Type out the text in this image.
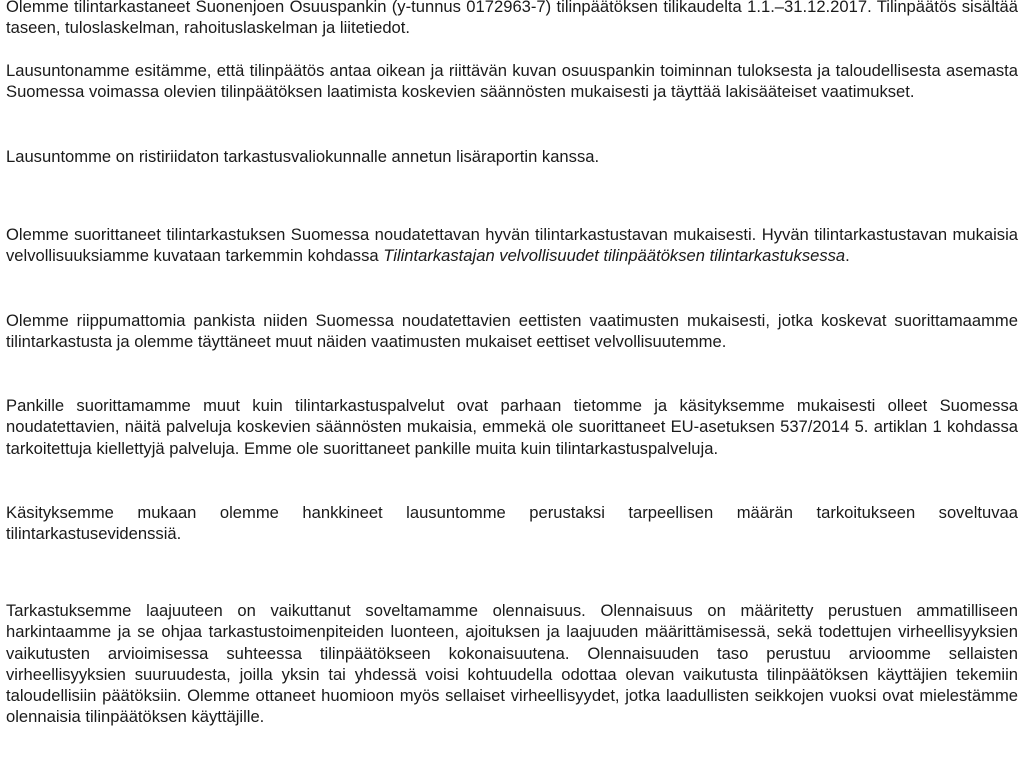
Olemme tilintarkastaneet Suonenjoen Osuuspankin (y-tunnus 0172963-7) tilinpäätöksen tilikaudelta 1.1.–31.12.2017. Tilinpäätös sisältää taseen, tuloslaskelman, rahoituslaskelman ja liitetiedot.

Lausuntonamme esitämme, että tilinpäätös antaa oikean ja riittävän kuvan osuuspankin toiminnan tuloksesta ja taloudellisesta asemasta Suomessa voimassa olevien tilinpäätöksen laatimista koskevien säännösten mukaisesti ja täyttää lakisääteiset vaatimukset.

Lausuntomme on ristiriidaton tarkastusvaliokunnalle annetun lisäraportin kanssa.

Olemme suorittaneet tilintarkastuksen Suomessa noudatettavan hyvän tilintarkastustavan mukaisesti. Hyvän tilintarkastustavan mukaisia velvollisuuksiamme kuvataan tarkemmin kohdassa Tilintarkastajan velvollisuudet tilinpäätöksen tilintarkastuksessa.

Olemme riippumattomia pankista niiden Suomessa noudatettavien eettisten vaatimusten mukaisesti, jotka koskevat suorittamaamme tilintarkastusta ja olemme täyttäneet muut näiden vaatimusten mukaiset eettiset velvollisuutemme.

Pankille suorittamamme muut kuin tilintarkastuspalvelut ovat parhaan tietomme ja käsityksemme mukaisesti olleet Suomessa noudatettavien, näitä palveluja koskevien säännösten mukaisia, emmekä ole suorittaneet EU-asetuksen 537/2014 5. artiklan 1 kohdassa tarkoitettuja kiellettyjä palveluja. Emme ole suorittaneet pankille muita kuin tilintarkastuspalveluja.

Käsityksemme mukaan olemme hankkineet lausuntomme perustaksi tarpeellisen määrän tarkoitukseen soveltuvaa tilintarkastusevidenssiä.

Tarkastuksemme laajuuteen on vaikuttanut soveltamamme olennaisuus. Olennaisuus on määritetty perustuen ammatilliseen harkintaamme ja se ohjaa tarkastustoimenpiteiden luonteen, ajoituksen ja laajuuden määrittämisessä, sekä todettujen virheellisyyksien vaikutusten arvioimisessa suhteessa tilinpäätökseen kokonaisuutena. Olennaisuuden taso perustuu arvioomme sellaisten virheellisyyksien suuruudesta, joilla yksin tai yhdessä voisi kohtuudella odottaa olevan vaikutusta tilinpäätöksen käyttäjien tekemiin taloudellisiin päätöksiin. Olemme ottaneet huomioon myös sellaiset virheellisyydet, jotka laadullisten seikkojen vuoksi ovat mielestämme olennaisia tilinpäätöksen käyttäjille.
